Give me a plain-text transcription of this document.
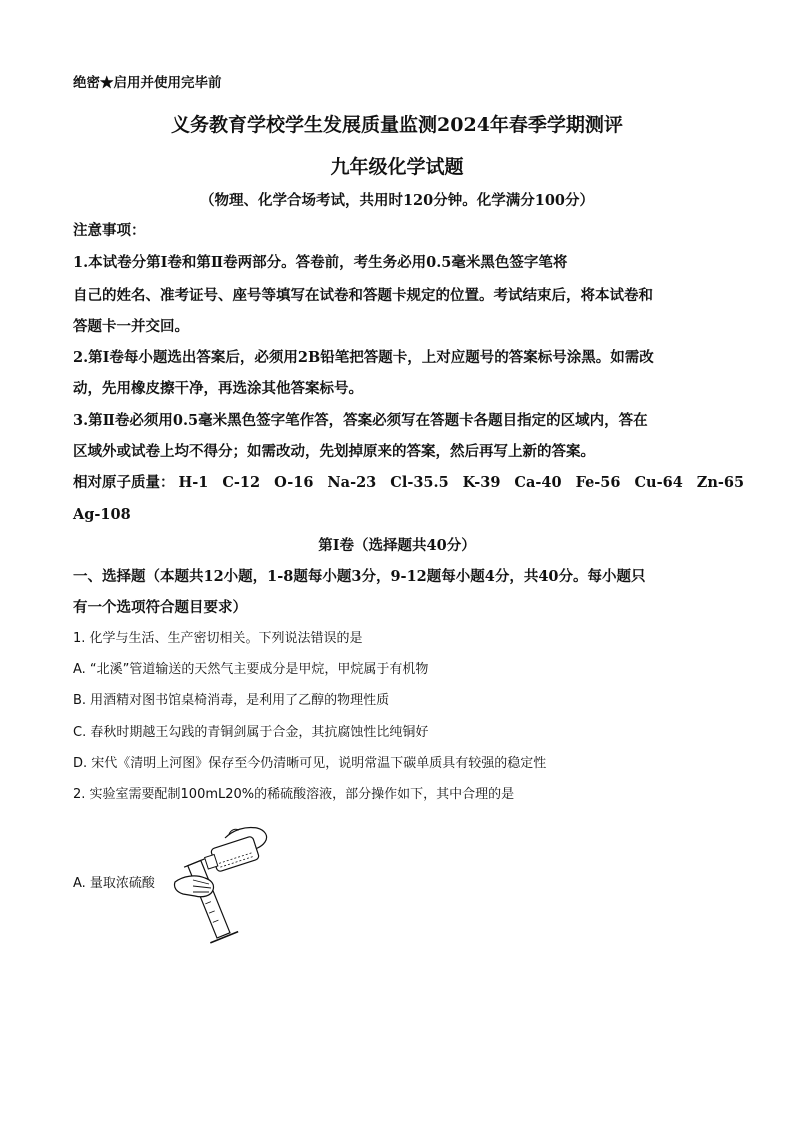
绝密★启用并使用完毕前
义务教育学校学生发展质量监测2024年春季学期测评
九年级化学试题
（物理、化学合场考试，共用时120分钟。化学满分100分）
注意事项：
1.本试卷分第Ⅰ卷和第Ⅱ卷两部分。答卷前，考生务必用0.5毫米黑色签字笔将
自己的姓名、准考证号、座号等填写在试卷和答题卡规定的位置。考试结束后，将本试卷和
答题卡一并交回。
2.第Ⅰ卷每小题选出答案后，必须用2B铅笔把答题卡，上对应题号的答案标号涂黑。如需改
动，先用橡皮擦干净，再选涂其他答案标号。
3.第Ⅱ卷必须用0.5毫米黑色签字笔作答，答案必须写在答题卡各题目指定的区域内，答在
区域外或试卷上均不得分；如需改动，先划掉原来的答案，然后再写上新的答案。
相对原子质量： H-1 C-12 O-16 Na-23 Cl-35.5 K-39 Ca-40 Fe-56 Cu-64 Zn-65
Ag-108
第Ⅰ卷（选择题共40分）
一、选择题（本题共12小题，1-8题每小题3分，9-12题每小题4分，共40分。每小题只
有一个选项符合题目要求）
1. 化学与生活、生产密切相关。下列说法错误的是
A. “北溪”管道输送的天然气主要成分是甲烷，甲烷属于有机物
B. 用酒精对图书馆桌椅消毒，是利用了乙醇的物理性质
C. 春秋时期越王勾践的青铜剑属于合金，其抗腐蚀性比纯铜好
D. 宋代《清明上河图》保存至今仍清晰可见，说明常温下碳单质具有较强的稳定性
2. 实验室需要配制100mL20%的稀硫酸溶液，部分操作如下，其中合理的是
A. 量取浓硫酸
